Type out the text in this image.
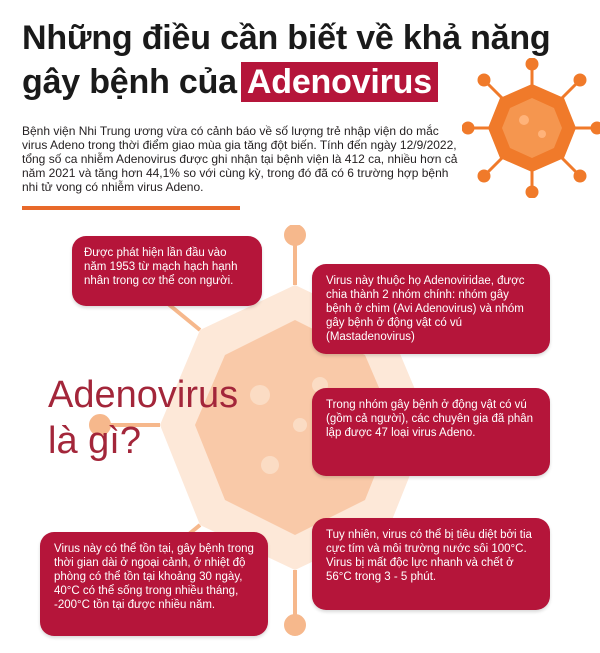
Những điều cần biết về khả năng
gây bệnh của Adenovirus

Bệnh viện Nhi Trung ương vừa có cảnh báo về số lượng trẻ nhập viện do mắc virus Adeno trong thời điểm giao mùa gia tăng đột biến. Tính đến ngày 12/9/2022, tổng số ca nhiễm Adenovirus được ghi nhận tại bệnh viện là 412 ca, nhiều hơn cả năm 2021 và tăng hơn 44,1% so với cùng kỳ, trong đó đã có 6 trường hợp bệnh nhi tử vong có nhiễm virus Adeno.

Adenovirus
là gì?
Được phát hiện lần đầu vào năm 1953 từ mạch hạch hạnh nhân trong cơ thể con người.	Virus này thuộc họ Adenoviridae, được chia thành 2 nhóm chính: nhóm gây bệnh ở chim (Avi Adenovirus) và nhóm gây bệnh ở động vật có vú (Mastadenovirus)
Trong nhóm gây bệnh ở động vật có vú (gồm cả người), các chuyên gia đã phân lập được 47 loại virus Adeno.
Virus này có thể tồn tại, gây bệnh trong thời gian dài ở ngoại cảnh, ở nhiệt độ phòng có thể tồn tại khoảng 30 ngày, 40°C có thể sống trong nhiều tháng, -200°C tồn tại được nhiều năm.
Tuy nhiên, virus có thể bị tiêu diệt bởi tia cực tím và môi trường nước sôi 100°C. Virus bị mất độc lực nhanh và chết ở 56°C trong 3 - 5 phút.
